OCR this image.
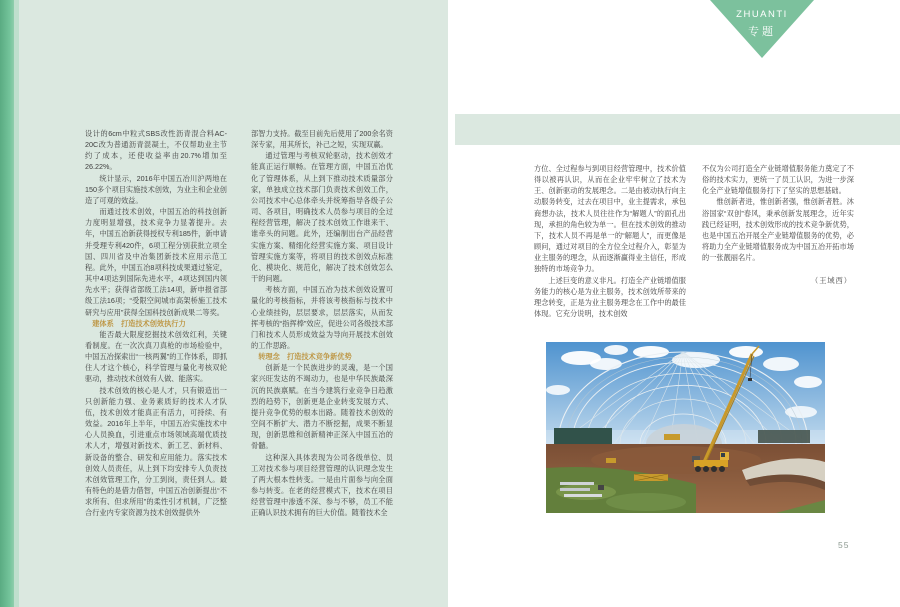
设计的6cm中粒式SBS改性沥青混合料AC-20C改为普通沥青混凝土，不仅帮助业主节约了成本，还使收益率由20.7%增加至26.22%。

统计显示，2016年中国五冶川沪两地在150多个项目实施技术创效，为业主和企业创造了可观的效益。

而通过技术创效，中国五冶的科技创新力度明显增强，技术竞争力显著提升。去年，中国五冶新获得授权专利185件，新申请并受理专利420件，6项工程分别获批立项全国、四川省及中冶集团新技术应用示范工程。此外，中国五冶8项科技成果通过鉴定，其中4项达到国际先进水平，4项达到国内领先水平；获得省部级工法14项，新申报省部级工法16项；“受限空间城市高架桥施工技术研究与应用”获得全国科技创新成果二等奖。

建体系　打造技术创效执行力

能否最大限度挖掘技术创效红利，关键看制度。在一次次真刀真枪的市场检验中，中国五冶探索出“一核两翼”的工作体系，即抓住人才这个核心，科学管理与量化考核双轮驱动，推动技术创效有人做、能落实。

技术创效的核心是人才，只有锻造出一只创新能力强、业务素质好的技术人才队伍，技术创效才能真正有活力，可持续、有效益。2016年上半年，中国五冶实施技术中心人员换血，引进重点市场领域高端优质技术人才，增强对新技术、新工艺、新材料、新设备的整合、研发和应用能力。落实技术创效人员责任，从上到下均安排专人负责技术创效管理工作，分工到岗，责任到人。最有特色的是借力借智，中国五冶创新提出“不求所有、但求所用”的柔性引才机制，广泛整合行业内专家资源为技术创效提供外

部智力支持。截至目前先后使用了200余名资深专家，用其所长，补己之短，实现双赢。

通过管理与考核双轮驱动，技术创效才能真正运行顺畅。在管理方面，中国五冶优化了管理体系，从上到下推动技术质量部分家，单独成立技术部门负责技术创效工作，公司技术中心总体牵头并统筹指导各级子公司、各项目，明确技术人员参与项目的全过程经营管理，解决了技术创效工作谁来干、谁牵头的问题。此外，还编制出台产品经营实施方案、精细化经营实施方案、项目设计管理实施方案等，将项目的技术创效点标准化、模块化、规范化，解决了技术创效怎么干的问题。

考核方面，中国五冶为技术创效设置可量化的考核指标，并将该考核指标与技术中心业绩挂钩，层层要求，层层落实，从而发挥考核的“指挥棒”效应，促进公司各级技术部门和技术人员形成效益为导向开展技术创效的工作思路。

转理念　打造技术竞争新优势

创新是一个民族进步的灵魂，是一个国家兴旺发达的不竭动力，也是中华民族最深沉的民族禀赋。在当今建筑行业竞争日趋激烈的趋势下，创新更是企业转变发展方式、提升竞争优势的根本出路。随着技术创效的空间不断扩大、潜力不断挖掘，成果不断显现，创新思维和创新精神正深入中国五冶的骨髓。

这种深入具体表现为公司各级单位、员工对技术参与项目经营管理的认识理念发生了两大根本性转变。一是由片面参与向全面参与转变。在老的经营模式下，技术在项目经营管理中渗透不深、参与不够，员工不能正确认识技术拥有的巨大价值。随着技术全

ZHUANTI
专题

方位、全过程参与到项目经营管理中，技术价值得以被再认识，从而在企业牢牢树立了技术为王、创新驱动的发展理念。二是由被动执行向主动服务转变，过去在项目中，业主提需求，承包商想办法，技术人员往往作为“解题人”的面孔出现，承担的角色较为单一。但在技术创效的推动下，技术人员不再是单一的“解题人”，而更像是顾问，通过对项目的全方位全过程介入，彰显为业主服务的理念，从而逐渐赢得业主信任，形成独特的市场竞争力。

上述巨变的意义非凡。打造全产业链增值服务能力的核心是为业主服务，技术创效所带来的理念转变，正是为业主服务理念在工作中的最佳体现。它充分说明，技术创效

不仅为公司打造全产业链增值服务能力奠定了不俗的技术实力，更统一了员工认识，为进一步深化全产业链增值服务打下了坚实的思想基础。

惟创新者进，惟创新者强，惟创新者胜。沐浴国家“双创”春风，秉承创新发展理念，近年实践已经证明，技术创效形成的技术竞争新优势，也是中国五冶开展全产业链增值服务的优势，必将助力全产业链增值服务成为中国五冶开拓市场的一张靓丽名片。

（王域西）

55
